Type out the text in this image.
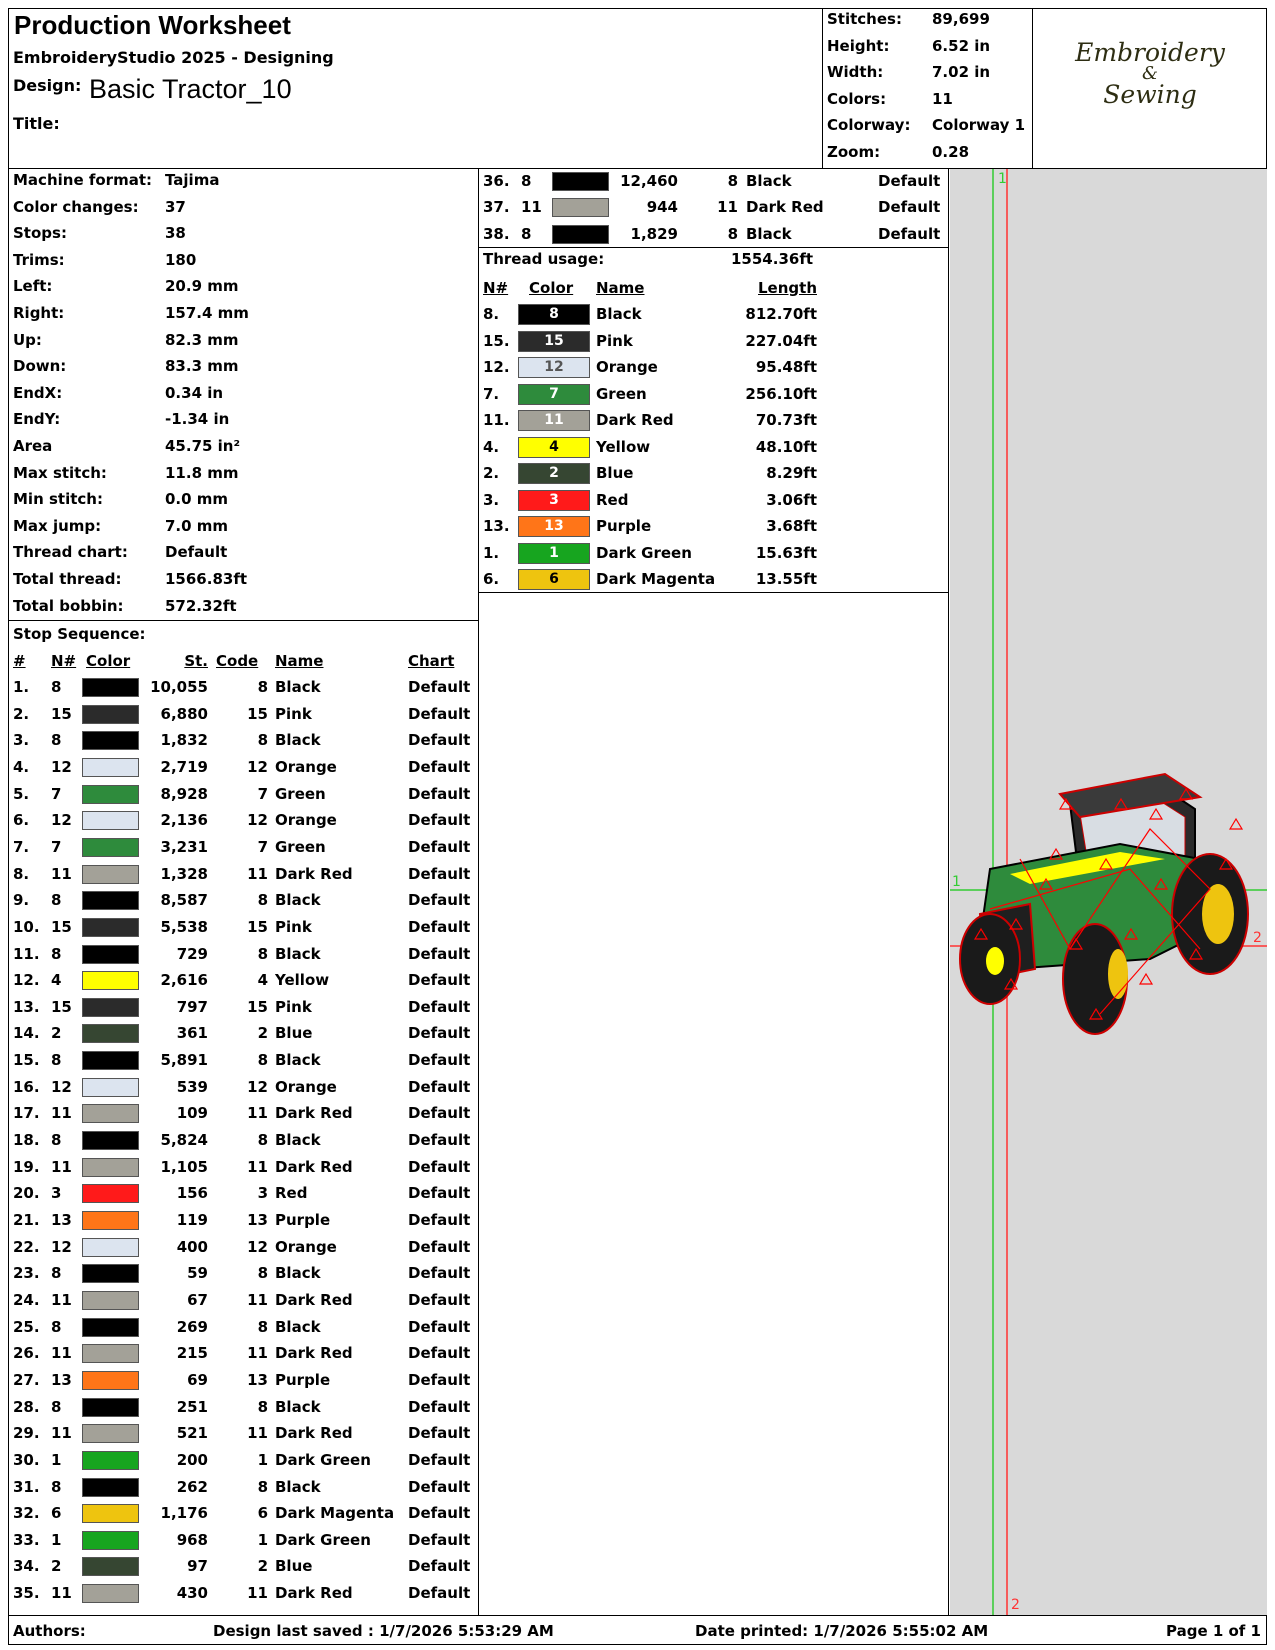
Production Worksheet
EmbroideryStudio 2025 - Designing
Design: Basic Tractor_10
Title:
Stitches: 89,699
Height:	6.52 in
Width:	7.02 in
Colors:	11
Colorway: Colorway 1
Zoom:	0.28
Embroidery
&
Sewing
Machine format: Tajima
Color changes: 37
Stops:	38
Trims:	180
Left:	20.9 mm
Right:	157.4 mm
Up:	82.3 mm
Down:	83.3 mm
EndX:	0.34 in
EndY:	-1.34 in
Area	45.75 in²
Max stitch:	11.8 mm
Min stitch:	0.0 mm
Max jump:	7.0 mm
Thread chart: Default
Total thread:	1566.83ft
Total bobbin:	572.32ft
Stop Sequence:
# N# Color	St. Code Name	Chart
1. 8	10,055	8 Black	Default
2. 15	6,880	15 Pink	Default
3. 8	1,832	8 Black	Default
4. 12	2,719	12 Orange	Default
5. 7	8,928	7 Green	Default
6. 12	2,136	12 Orange	Default
7. 7	3,231	7 Green	Default
8. 11	1,328	11 Dark Red	Default
9. 8	8,587	8 Black	Default
10. 15	5,538	15 Pink	Default
11. 8	729	8 Black	Default
12. 4	2,616	4 Yellow	Default
13. 15	797	15 Pink	Default
14. 2	361	2 Blue	Default
15. 8	5,891	8 Black	Default
16. 12	539	12 Orange	Default
17. 11	109	11 Dark Red	Default
18. 8	5,824	8 Black	Default
19. 11	1,105	11 Dark Red	Default
20. 3	156	3 Red	Default
21. 13	119	13 Purple	Default
22. 12	400	12 Orange	Default
23. 8	59	8 Black	Default
24. 11	67	11 Dark Red	Default
25. 8	269	8 Black	Default
26. 11	215	11 Dark Red	Default
27. 13	69	13 Purple	Default
28. 8	251	8 Black	Default
29. 11	521	11 Dark Red	Default
30. 1	200	1 Dark Green Default
31. 8	262	8 Black	Default
32. 6	1,176	6 Dark Magenta Default
33. 1	968	1 Dark Green Default
34. 2	97	2 Blue	Default
35. 11	430	11 Dark Red	Default
36. 8	12,460	8 Black	Default
37. 11	944	11 Dark Red	Default
38. 8	1,829	8 Black	Default
Thread usage:	1554.36ft
N# Color Name	Length
8.	8	Black	812.70ft
15.	15	Pink	227.04ft
12.	12	Orange	95.48ft
7.	7	Green	256.10ft
11.	11	Dark Red	70.73ft
4.	4	Yellow	48.10ft
2.	2	Blue	8.29ft
3.	3	Red	3.06ft
13.	13	Purple	3.68ft
1.	1	Dark Green	15.63ft
6.	6	Dark Magenta	13.55ft
1
2
1
2
Authors:	Design last saved : 1/7/2026 5:53:29 AM	Date printed: 1/7/2026 5:55:02 AM	Page 1 of 1
